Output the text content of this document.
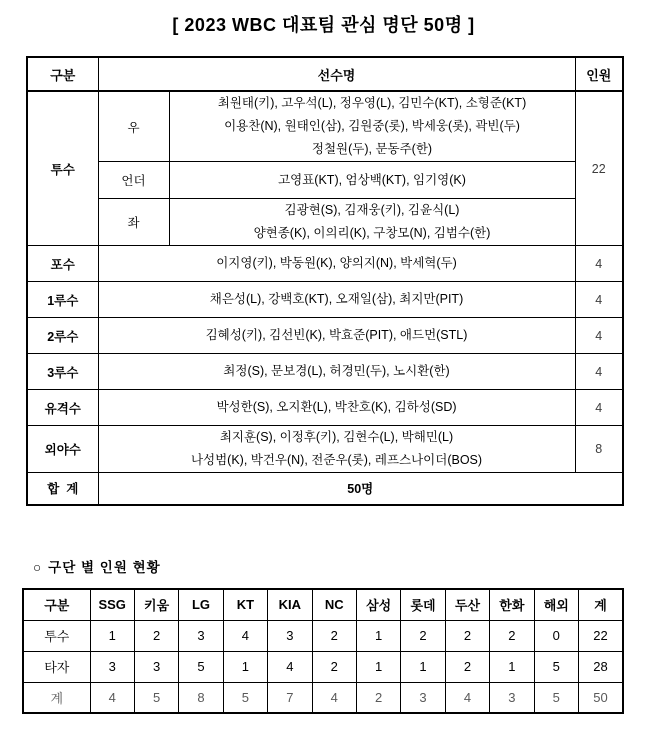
[ 2023 WBC 대표팀 관심 명단 50명 ]
구분	선수명		인원
투수	우	최원태(키), 고우석(L), 정우영(L), 김민수(KT), 소형준(KT)
이용찬(N), 원태인(삼), 김원중(롯), 박세웅(롯), 곽빈(두)
정철원(두), 문동주(한)	22
	언더	고영표(KT), 엄상백(KT), 임기영(K)	

	좌	김광현(S), 김재웅(키), 김윤식(L)
양현종(K), 이의리(K), 구창모(N), 김범수(한)	

포수	이지영(키), 박동원(K), 양의지(N), 박세혁(두)		4
1루수	채은성(L), 강백호(KT), 오재일(삼), 최지만(PIT)		4
2루수	김혜성(키), 김선빈(K), 박효준(PIT), 애드먼(STL)		4
3루수	최정(S), 문보경(L), 허경민(두), 노시환(한)		4
유격수	박성한(S), 오지환(L), 박찬호(K), 김하성(SD)		4
외야수	최지훈(S), 이정후(키), 김현수(L), 박해민(L)
나성범(K), 박건우(N), 전준우(롯), 레프스나이더(BOS)		8
합  계	50명		
○ 구단 별 인원 현황
구분	SSG	키움	LG	KT	KIA	NC	삼성	롯데	두산	한화	해외	계
투수	1	2	3	4	3	2	1	2	2	2	0	22
타자	3	3	5	1	4	2	1	1	2	1	5	28
계	4	5	8	5	7	4	2	3	4	3	5	50
